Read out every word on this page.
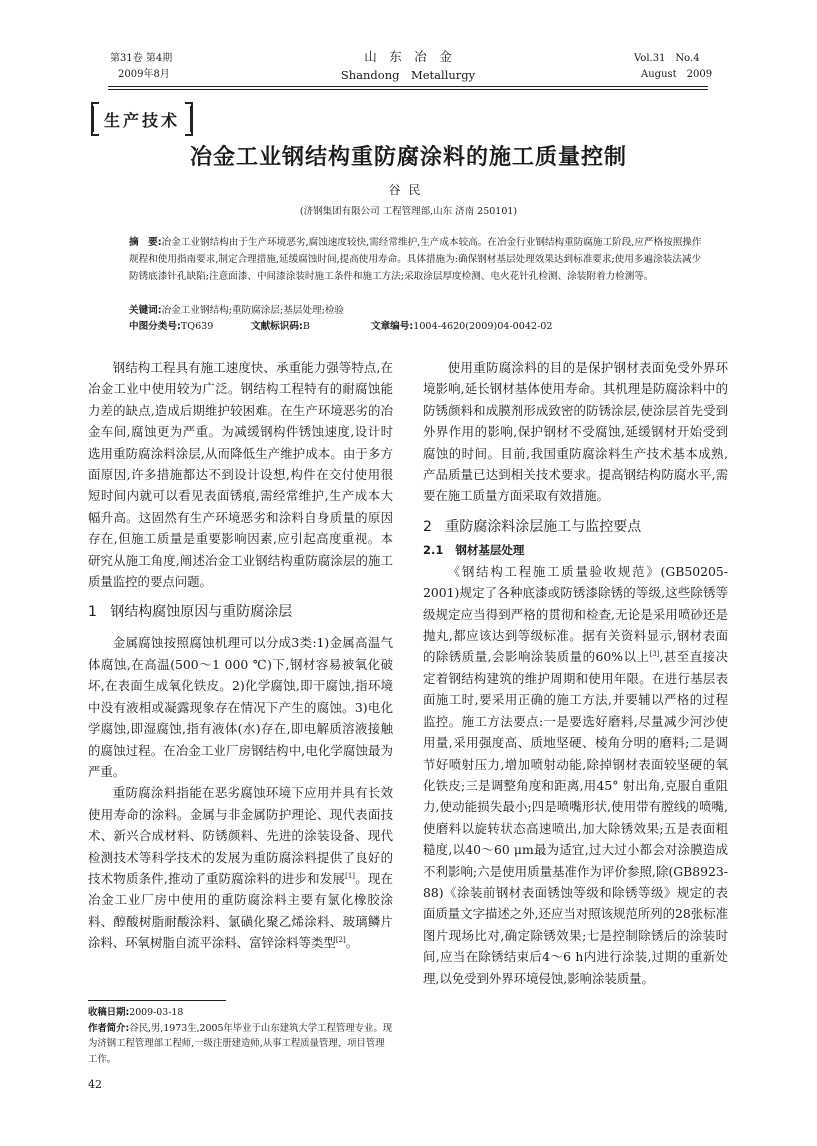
第31卷 第4期
2009年8月
山　东　冶　金
Shandong　Metallurgy
Vol.31　No.4
August　2009
生产技术
冶金工业钢结构重防腐涂料的施工质量控制
谷民
(济钢集团有限公司 工程管理部,山东 济南 250101)
摘　要:冶金工业钢结构由于生产环境恶劣,腐蚀速度较快,需经常维护,生产成本较高。在冶金行业钢结构重防腐施工阶段,应严格按照操作规程和使用指南要求,制定合理措施,延缓腐蚀时间,提高使用寿命。具体措施为:确保钢材基层处理效果达到标准要求;使用多遍涂装法减少防锈底漆针孔缺陷;注意面漆、中间漆涂装时施工条件和施工方法;采取涂层厚度检测、电火花针孔检测、涂装附着力检测等。
关键词:冶金工业钢结构;重防腐涂层;基层处理;检验
中图分类号:TQ639	文献标识码:B	文章编号:1004-4620(2009)04-0042-02

钢结构工程具有施工速度快、承重能力强等特点,在冶金工业中使用较为广泛。钢结构工程特有的耐腐蚀能力差的缺点,造成后期维护较困难。在生产环境恶劣的冶金车间,腐蚀更为严重。为减缓钢构件锈蚀速度,设计时选用重防腐涂料涂层,从而降低生产维护成本。由于多方面原因,许多措施都达不到设计设想,构件在交付使用很短时间内就可以看见表面锈痕,需经常维护,生产成本大幅升高。这固然有生产环境恶劣和涂料自身质量的原因存在,但施工质量是重要影响因素,应引起高度重视。本研究从施工角度,阐述冶金工业钢结构重防腐涂层的施工质量监控的要点问题。

1 钢结构腐蚀原因与重防腐涂层

金属腐蚀按照腐蚀机理可以分成3类:1)金属高温气体腐蚀,在高温(500～1 000 ℃)下,钢材容易被氧化破坏,在表面生成氧化铁皮。2)化学腐蚀,即干腐蚀,指环境中没有液相或凝露现象存在情况下产生的腐蚀。3)电化学腐蚀,即湿腐蚀,指有液体(水)存在,即电解质溶液接触的腐蚀过程。在冶金工业厂房钢结构中,电化学腐蚀最为严重。

重防腐涂料指能在恶劣腐蚀环境下应用并具有长效使用寿命的涂料。金属与非金属防护理论、现代表面技术、新兴合成材料、防锈颜料、先进的涂装设备、现代检测技术等科学技术的发展为重防腐涂料提供了良好的技术物质条件,推动了重防腐涂料的进步和发展[1]。现在冶金工业厂房中使用的重防腐涂料主要有氯化橡胶涂料、醇酸树脂耐酸涂料、氯磺化聚乙烯涂料、玻璃鳞片涂料、环氧树脂自流平涂料、富锌涂料等类型[2]。

收稿日期:2009-03-18
作者简介:谷民,男,1973生,2005年毕业于山东建筑大学工程管理专业。现为济钢工程管理部工程师,一级注册建造师,从事工程质量管理、项目管理工作。
42

使用重防腐涂料的目的是保护钢材表面免受外界环境影响,延长钢材基体使用寿命。其机理是防腐涂料中的防锈颜料和成膜剂形成致密的防锈涂层,使涂层首先受到外界作用的影响,保护钢材不受腐蚀,延缓钢材开始受到腐蚀的时间。目前,我国重防腐涂料生产技术基本成熟,产品质量已达到相关技术要求。提高钢结构防腐水平,需要在施工质量方面采取有效措施。

2 重防腐涂料涂层施工与监控要点
2.1 钢材基层处理

《钢结构工程施工质量验收规范》(GB50205-2001)规定了各种底漆或防锈漆除锈的等级,这些除锈等级规定应当得到严格的贯彻和检查,无论是采用喷砂还是抛丸,都应该达到等级标准。据有关资料显示,钢材表面的除锈质量,会影响涂装质量的60%以上[3],甚至直接决定着钢结构建筑的维护周期和使用年限。在进行基层表面施工时,要采用正确的施工方法,并要辅以严格的过程监控。施工方法要点:一是要选好磨料,尽量减少河沙使用量,采用强度高、质地坚硬、棱角分明的磨料;二是调节好喷射压力,增加喷射动能,除掉钢材表面较坚硬的氧化铁皮;三是调整角度和距离,用45° 射出角,克服自重阻力,使动能损失最小;四是喷嘴形状,使用带有膛线的喷嘴,使磨料以旋转状态高速喷出,加大除锈效果;五是表面粗糙度,以40～60 μm最为适宜,过大过小都会对涂膜造成不利影响;六是使用质量基准作为评价参照,除(GB8923-88)《涂装前钢材表面锈蚀等级和除锈等级》规定的表面质量文字描述之外,还应当对照该规范所列的28张标准图片现场比对,确定除锈效果;七是控制除锈后的涂装时间,应当在除锈结束后4～6 h内进行涂装,过期的重新处理,以免受到外界环境侵蚀,影响涂装质量。
